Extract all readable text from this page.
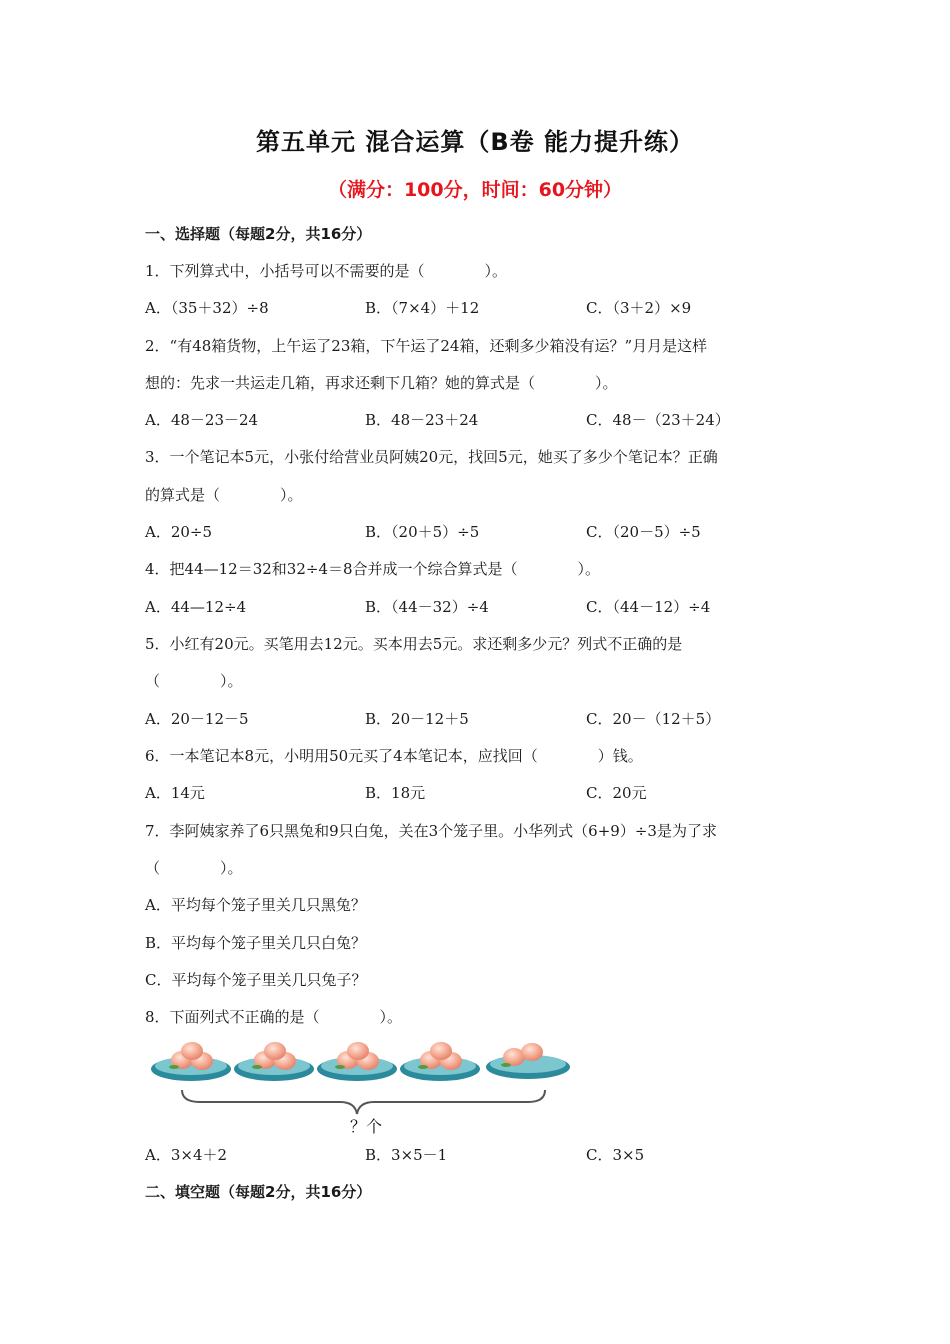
第五单元 混合运算（B卷 能力提升练）
（满分：100分，时间：60分钟）
一、选择题（每题2分，共16分）
1．下列算式中，小括号可以不需要的是（　　　　）。
A．（35＋32）÷8	B．（7×4）＋12	C．（3＋2）×9
2．“有48箱货物，上午运了23箱，下午运了24箱，还剩多少箱没有运？”月月是这样
想的：先求一共运走几箱，再求还剩下几箱？她的算式是（　　　　）。
A．48－23－24	B．48－23＋24	C．48－（23＋24）
3．一个笔记本5元，小张付给营业员阿姨20元，找回5元，她买了多少个笔记本？正确
的算式是（　　　　）。
A．20÷5	B．（20＋5）÷5	C．（20－5）÷5
4．把44—12＝32和32÷4＝8合并成一个综合算式是（　　　　）。
A．44—12÷4	B．（44－32）÷4	C．（44－12）÷4
5．小红有20元。买笔用去12元。买本用去5元。求还剩多少元？列式不正确的是
（　　　　）。
A．20－12－5	B．20－12＋5	C．20－（12＋5）
6．一本笔记本8元，小明用50元买了4本笔记本，应找回（　　　　）钱。
A．14元	B．18元	C．20元
7．李阿姨家养了6只黑兔和9只白兔，关在3个笼子里。小华列式（6+9）÷3是为了求
（　　　　）。
A．平均每个笼子里关几只黑兔？
B．平均每个笼子里关几只白兔？
C．平均每个笼子里关几只兔子？
8．下面列式不正确的是（　　　　）。
？个
A．3×4＋2	B．3×5－1	C．3×5
二、填空题（每题2分，共16分）
